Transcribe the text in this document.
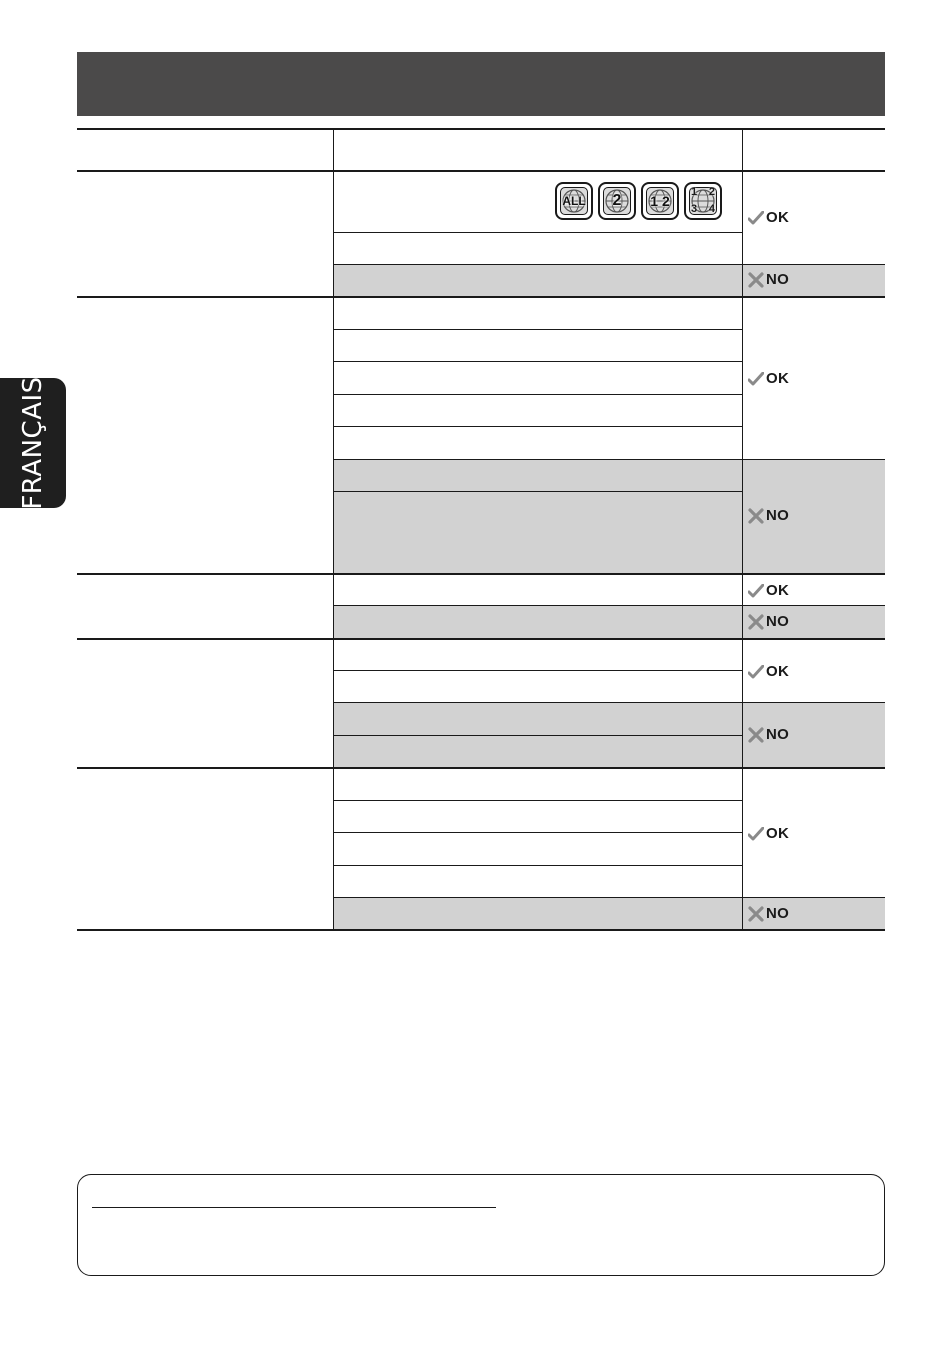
FRANÇAIS
ALL 2 1 2
1 2
3 4	OK
NO
OK
NO
OK
NO
OK
NO
OK
NO
